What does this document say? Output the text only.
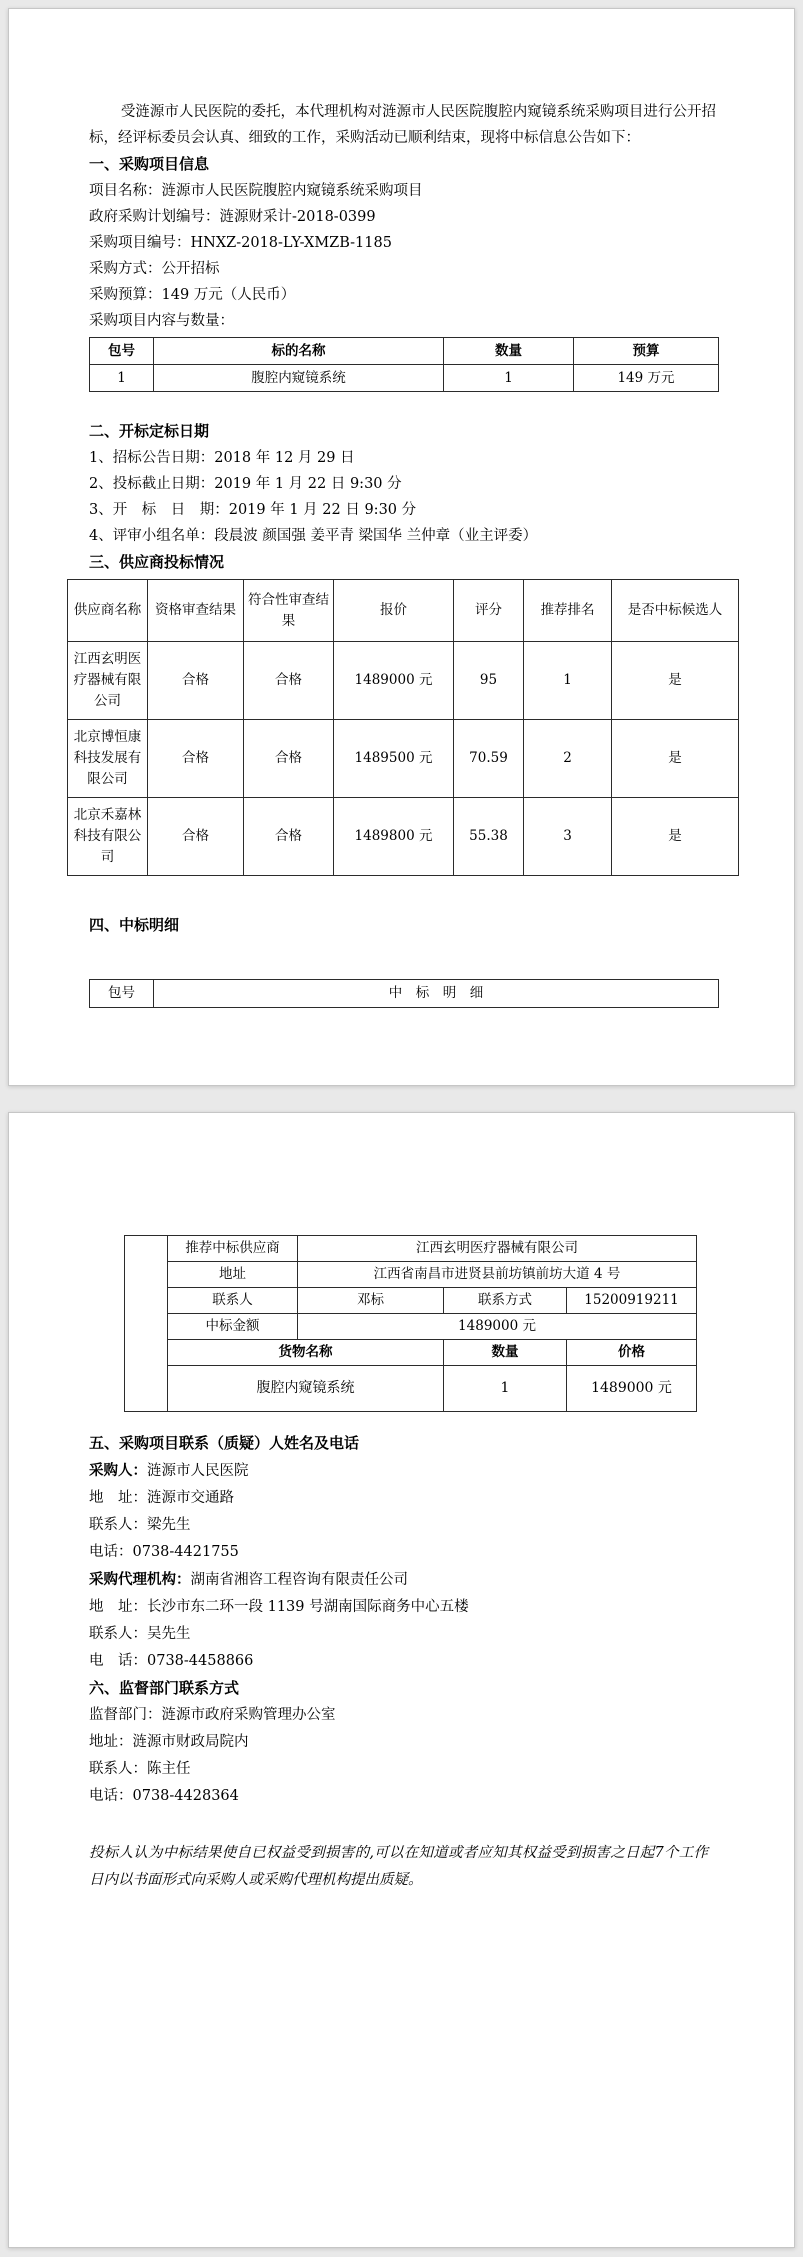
受涟源市人民医院的委托，本代理机构对涟源市人民医院腹腔内窥镜系统采购项目进行公开招标，经评标委员会认真、细致的工作，采购活动已顺利结束，现将中标信息公告如下：

一、采购项目信息

项目名称：涟源市人民医院腹腔内窥镜系统采购项目

政府采购计划编号：涟源财采计-2018-0399

采购项目编号：HNXZ-2018-LY-XMZB-1185

采购方式：公开招标

采购预算：149 万元（人民币）

采购项目内容与数量：

包号	标的名称	数量	预算
1	腹腔内窥镜系统	1	149 万元
二、开标定标日期

1、招标公告日期：2018 年 12 月 29 日

2、投标截止日期：2019 年 1 月 22 日 9:30 分

3、开　标　日　期：2019 年 1 月 22 日 9:30 分

4、评审小组名单：段晨波 颜国强 姜平青 梁国华 兰仲章（业主评委）

三、供应商投标情况
供应商名称	资格审查结果	符合性审查结果	报价	评分	推荐排名	是否中标候选人
江西玄明医疗器械有限公司	合格	合格	1489000 元	95	1	是
北京博恒康科技发展有限公司	合格	合格	1489500 元	70.59	2	是
北京禾嘉林科技有限公司	合格	合格	1489800 元	55.38	3	是
四、中标明细
包号	中　标　明　细
	推荐中标供应商	江西玄明医疗器械有限公司		
	地址	江西省南昌市进贤县前坊镇前坊大道 4 号		
	联系人	邓标	联系方式	15200919211
	中标金额	1489000 元		
	货物名称		数量	价格
	腹腔内窥镜系统		1	1489000 元
五、采购项目联系（质疑）人姓名及电话

采购人：涟源市人民医院

地　址：涟源市交通路

联系人：梁先生

电话：0738-4421755

采购代理机构：湖南省湘咨工程咨询有限责任公司

地　址：长沙市东二环一段 1139 号湖南国际商务中心五楼

联系人：吴先生

电　话：0738-4458866

六、监督部门联系方式

监督部门：涟源市政府采购管理办公室

地址：涟源市财政局院内

联系人：陈主任

电话：0738-4428364

投标人认为中标结果使自已权益受到损害的,可以在知道或者应知其权益受到损害之日起7个工作日内以书面形式向采购人或采购代理机构提出质疑。
